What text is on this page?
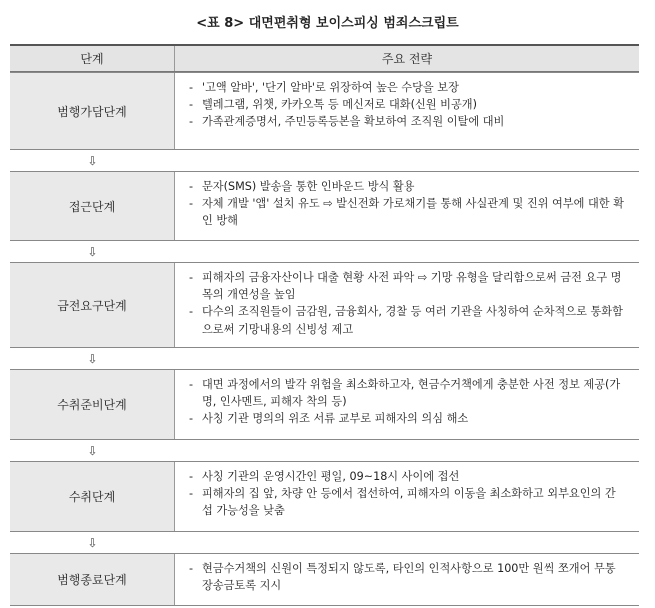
<표 8> 대면편취형 보이스피싱 범죄스크립트
단계	주요 전략
범행가담단계
- '고액 알바', '단기 알바'로 위장하여 높은 수당을 보장
- 텔레그램, 위챗, 카카오톡 등 메신저로 대화(신원 비공개)
- 가족관계증명서, 주민등록등본을 확보하여 조직원 이탈에 대비
⇩
접근단계
- 문자(SMS) 발송을 통한 인바운드 방식 활용
- 자체 개발 '앱' 설치 유도 ⇨ 발신전화 가로채기를 통해 사실관계 및 진위 여부에 대한 확인 방해
⇩
금전요구단계
- 피해자의 금융자산이나 대출 현황 사전 파악 ⇨ 기망 유형을 달리함으로써 금전 요구 명목의 개연성을 높임
- 다수의 조직원들이 금감원, 금융회사, 경찰 등 여러 기관을 사칭하여 순차적으로 통화함으로써 기망내용의 신빙성 제고
⇩
수취준비단계
- 대면 과정에서의 발각 위험을 최소화하고자, 현금수거책에게 충분한 사전 정보 제공(가명, 인사멘트, 피해자 착의 등)
- 사칭 기관 명의의 위조 서류 교부로 피해자의 의심 해소
⇩
수취단계
- 사칭 기관의 운영시간인 평일, 09~18시 사이에 접선
- 피해자의 집 앞, 차량 안 등에서 접선하여, 피해자의 이동을 최소화하고 외부요인의 간섭 가능성을 낮춤
⇩
범행종료단계
- 현금수거책의 신원이 특정되지 않도록, 타인의 인적사항으로 100만 원씩 쪼개어 무통장송금토록 지시
